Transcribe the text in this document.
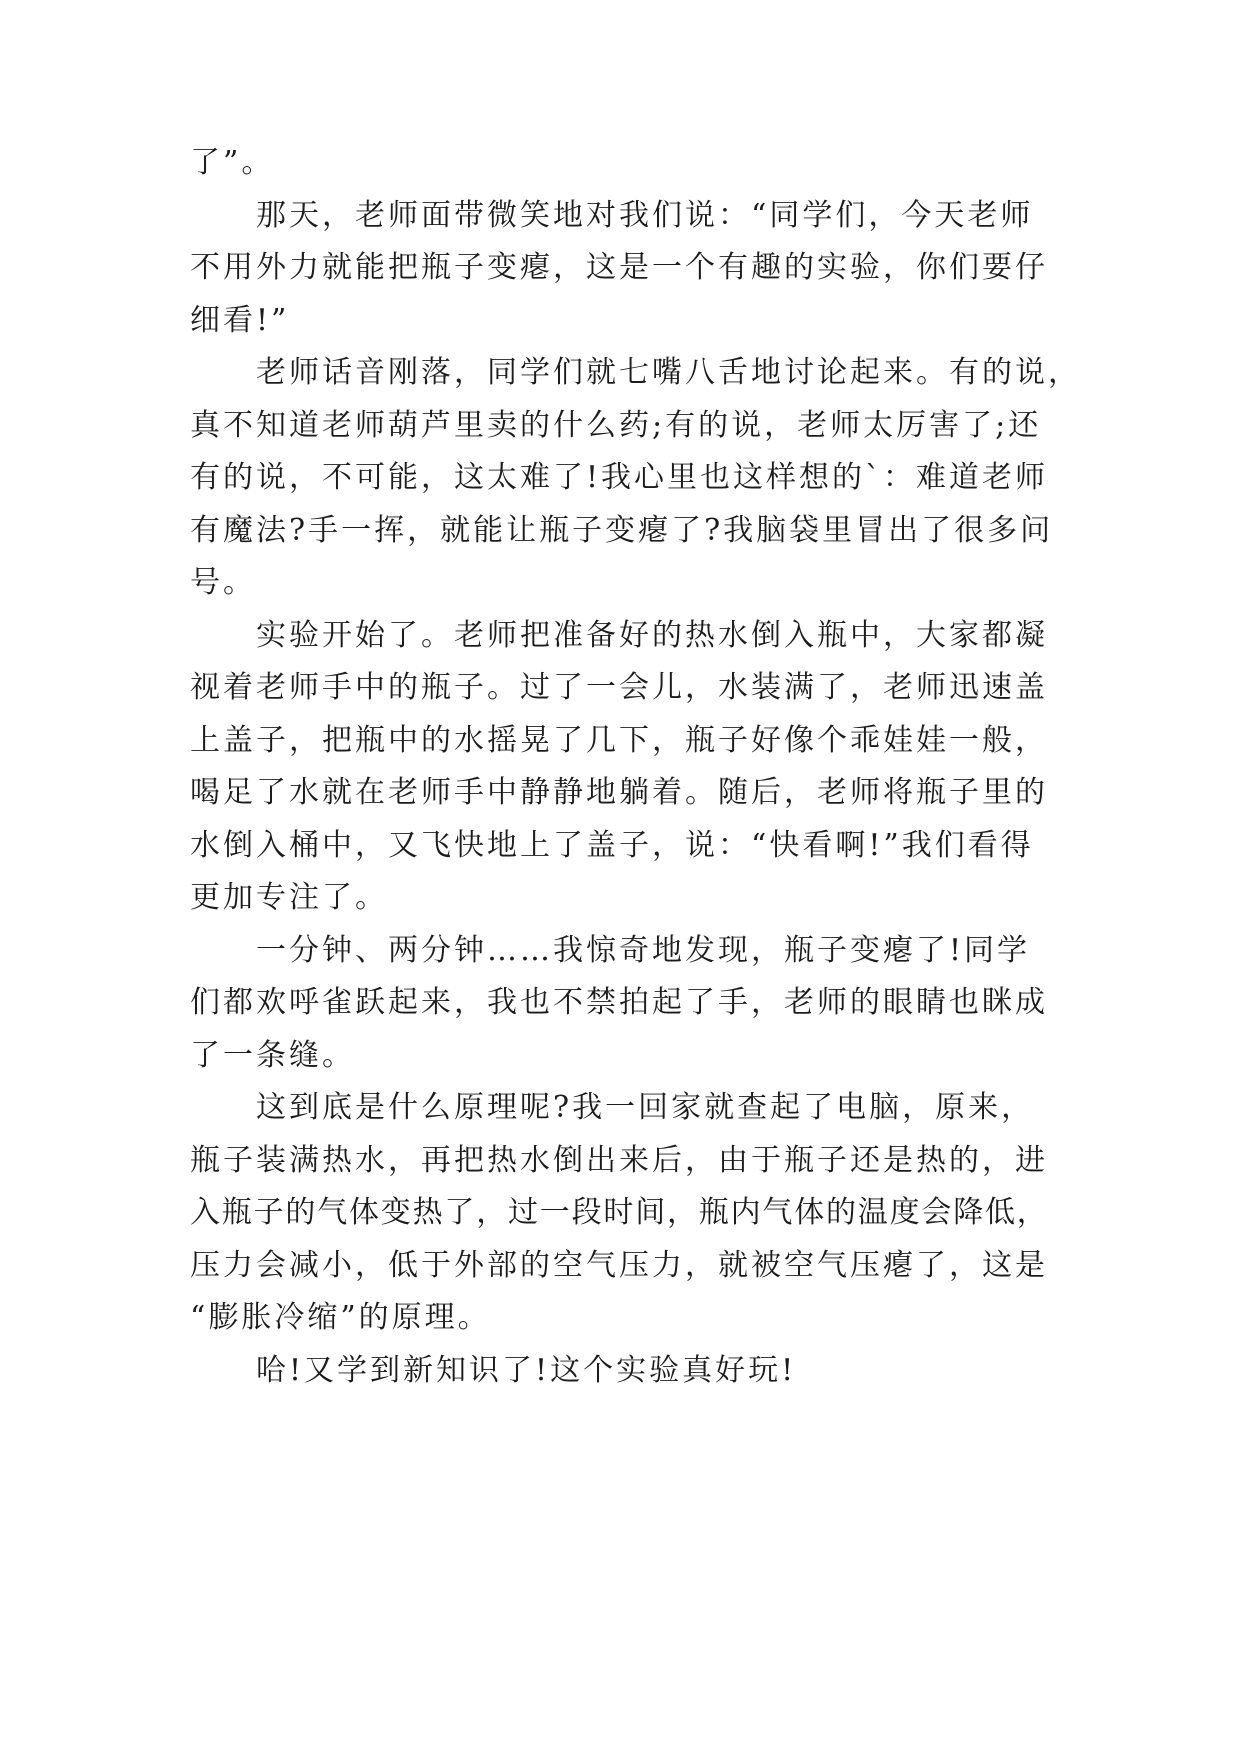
了”。
那天，老师面带微笑地对我们说：“同学们，今天老师
不用外力就能把瓶子变瘪，这是一个有趣的实验，你们要仔
细看!”
老师话音刚落，同学们就七嘴八舌地讨论起来。有的说，
真不知道老师葫芦里卖的什么药;有的说，老师太厉害了;还
有的说，不可能，这太难了!我心里也这样想的`：难道老师
有魔法?手一挥，就能让瓶子变瘪了?我脑袋里冒出了很多问
号。
实验开始了。老师把准备好的热水倒入瓶中，大家都凝
视着老师手中的瓶子。过了一会儿，水装满了，老师迅速盖
上盖子，把瓶中的水摇晃了几下，瓶子好像个乖娃娃一般，
喝足了水就在老师手中静静地躺着。随后，老师将瓶子里的
水倒入桶中，又飞快地上了盖子，说：“快看啊!”我们看得
更加专注了。
一分钟、两分钟……我惊奇地发现，瓶子变瘪了!同学
们都欢呼雀跃起来，我也不禁拍起了手，老师的眼睛也眯成
了一条缝。
这到底是什么原理呢?我一回家就查起了电脑，原来，
瓶子装满热水，再把热水倒出来后，由于瓶子还是热的，进
入瓶子的气体变热了，过一段时间，瓶内气体的温度会降低，
压力会减小，低于外部的空气压力，就被空气压瘪了，这是
“膨胀冷缩”的原理。
哈!又学到新知识了!这个实验真好玩!
